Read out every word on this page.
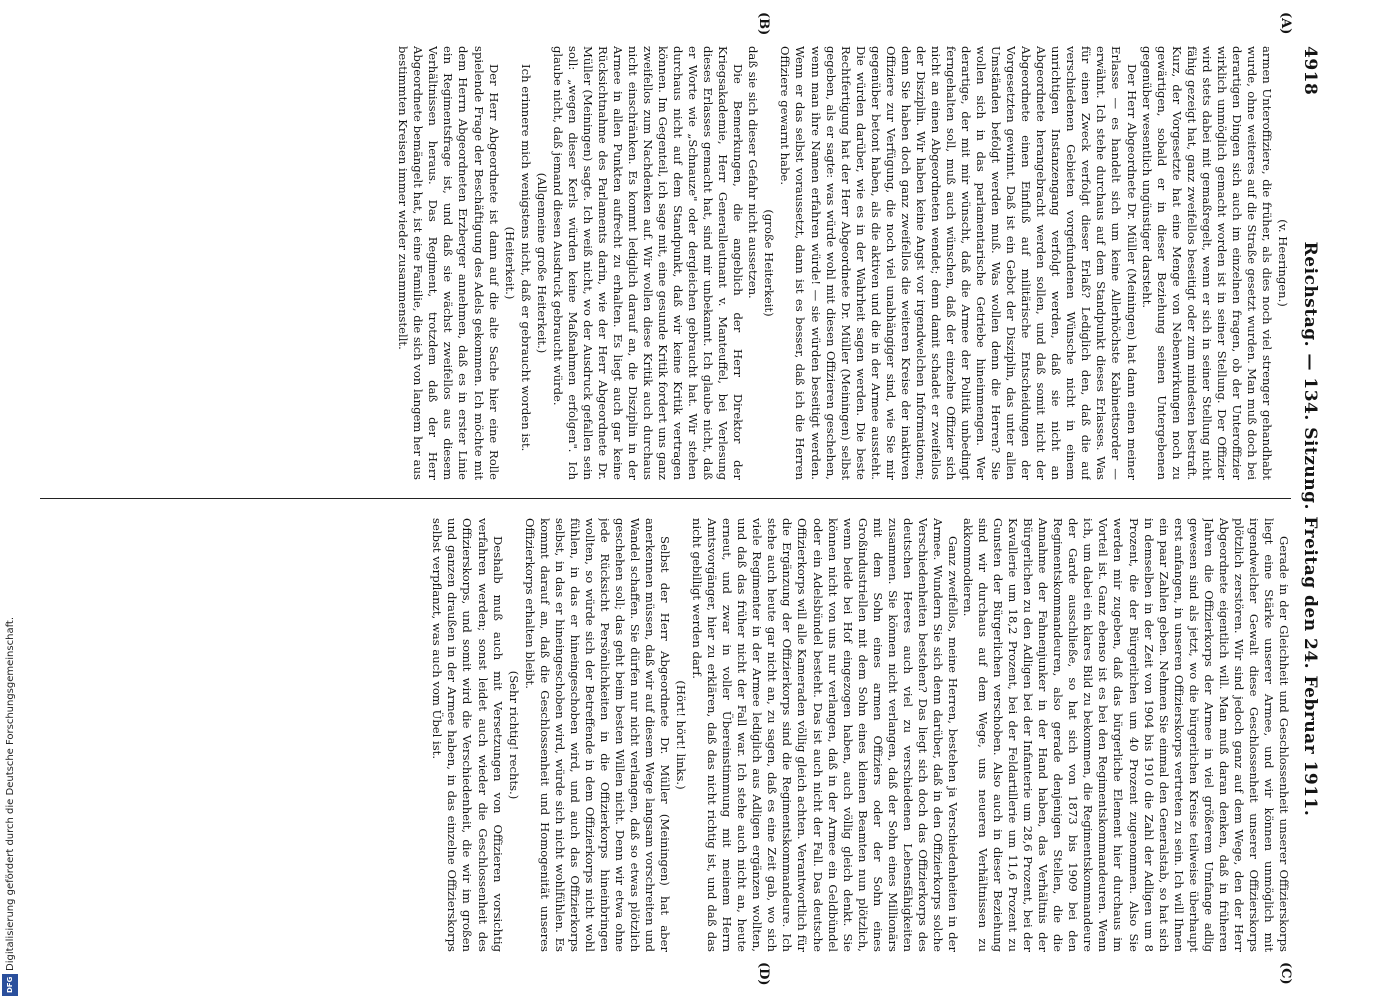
4918
Reichstag. — 134. Sitzung. Freitag den 24. Februar 1911.
(A)
(B)
(C)
(D)

(v. Heeringen.)

armen Unteroffiziere, die früher, als dies noch viel strenger gehandhabt wurde, ohne weiteres auf die Straße gesetzt wurden. Man muß doch bei derartigen Dingen sich auch im einzelnen fragen, ob der Unteroffizier wirklich unmöglich gemacht worden ist in seiner Stellung. Der Offizier wird stets dabei mit gemaßregelt, wenn er sich in seiner Stellung nicht fähig gezeigt hat, ganz zweifellos beseitigt oder zum mindesten bestraft. Kurz, der Vorgesetzte hat eine Menge von Nebenwirkungen noch zu gewärtigen, sobald er in dieser Beziehung seinen Untergebenen gegenüber wesentlich ungünstiger darsteht.

Der Herr Abgeordnete Dr. Müller (Meiningen) hat dann einen meiner Erlasse — es handelt sich um keine Allerhöchste Kabinettsorder — erwähnt. Ich stehe durchaus auf dem Standpunkt dieses Erlasses. Was für einen Zweck verfolgt dieser Erlaß? Lediglich den, daß die auf verschiedenen Gebieten vorgefundenen Wünsche nicht in einem unrichtigen Instanzengang verfolgt werden, daß sie nicht an Abgeordnete herangebracht werden sollen, und daß somit nicht der Abgeordnete einen Einfluß auf militärische Entscheidungen der Vorgesetzten gewinnt. Daß ist ein Gebot der Disziplin, das unter allen Umständen befolgt werden muß. Was wollen denn die Herren? Sie wollen sich in das parlamentarische Getriebe hineinmengen. Wer derartige, der mit mir wünscht, daß die Armee der Politik unbedingt ferngehalten soll, muß auch wünschen, daß der einzelne Offizier sich nicht an einen Abgeordneten wendet; denn damit schadet er zweifellos der Disziplin. Wir haben keine Angst vor irgendwelchen Informationen; denn Sie haben doch ganz zweifellos die weiteren Kreise der inaktiven Offiziere zur Verfügung, die noch viel unabhängiger sind, wie Sie mir gegenüber betont haben, als die aktiven und die in der Armee aussteht. Die würden darüber, wie es in der Wahrheit sagen werden. Die beste Rechtfertigung hat der Herr Abgeordnete Dr. Müller (Meiningen) selbst gegeben, als er sagte: was würde wohl mit diesen Offizieren geschehen, wenn man ihre Namen erfahren würde! — sie würden beseitigt werden. Wenn er das selbst voraussetzt, dann ist es besser, daß ich die Herren Offiziere gewarnt habe.

(große Heiterkeit)

daß sie sich dieser Gefahr nicht aussetzen.

Die Bemerkungen, die angeblich der Herr Direktor der Kriegsakademie, Herr Generalleutnant v. Manteuffel, bei Verlesung dieses Erlasses gemacht hat, sind mir unbekannt. Ich glaube nicht, daß er Worte wie „Schnauze" oder dergleichen gebraucht hat. Wir stehen durchaus nicht auf dem Standpunkt, daß wir keine Kritik vertragen können. Im Gegenteil, ich sage mit, eine gesunde Kritik fordert uns ganz zweifellos zum Nachdenken auf. Wir wollen diese Kritik auch durchaus nicht einschränken. Es kommt lediglich darauf an, die Disziplin in der Armee in allen Punkten aufrecht zu erhalten. Es liegt auch gar keine Rücksichtnahme des Parlaments darin, wie der Herr Abgeordnete Dr. Müller (Meiningen) sagte. Ich weiß nicht, wo der Ausdruck gefallen sein soll: „wegen dieser Kerls würden keine Maßnahmen erfolgen". Ich glaube nicht, daß jemand diesen Ausdruck gebraucht würde.

(Allgemeine große Heiterkeit.)

Ich erinnere mich wenigstens nicht, daß er gebraucht worden ist.

(Heiterkeit.)

Der Herr Abgeordnete ist dann auf die alte Sache hier eine Rolle spielende Frage der Beschäftigung des Adels gekommen. Ich möchte mit dem Herrn Abgeordneten Erzberger annehmen, daß es in erster Linie ein Regimentsfrage ist, und daß sie wächst zweifellos aus diesem Verhältnissen heraus. Das Regiment, trotzdem daß der Herr Abgeordnete bemängelt hat, ist eine Familie, die sich von langem her aus bestimmten Kreisen immer wieder zusammenstellt.

Gerade in der Gleichheit und Geschlossenheit unserer Offizierskorps liegt eine Stärke unserer Armee, und wir können unmöglich mit irgendwelcher Gewalt diese Geschlossenheit unserer Offizierskorps plötzlich zerstören. Wir sind jedoch ganz auf dem Wege, den der Herr Abgeordnete eigentlich will. Man muß daran denken, daß in früheren Jahren die Offizierkorps der Armee in viel größerem Umfange adlig gewesen sind als jetzt, wo die bürgerlichen Kreise teilweise überhaupt erst anfangen, in unseren Offizierskorps vertreten zu sein. Ich will Ihnen ein paar Zahlen geben. Nehmen Sie einmal den Generalstab, so hat sich in demselben in der Zeit von 1904 bis 1910 die Zahl der Adligen um 8 Prozent, die der Bürgerlichen um 40 Prozent zugenommen. Also Sie werden mir zugeben, daß das bürgerliche Element hier durchaus im Vorteil ist. Ganz ebenso ist es bei den Regimentskommandeuren. Wenn ich, um dabei ein klares Bild zu bekommen, die Regimentskommandeure der Garde ausschließe, so hat sich von 1873 bis 1909 bei den Regimentskommandeuren, also gerade denjenigen Stellen, die die Annahme der Fahnenjunker in der Hand haben, das Verhältnis der Bürgerlichen zu den Adligen bei der Infanterie um 28,6 Prozent, bei der Kavallerie um 18,2 Prozent, bei der Feldartillerie um 11,6 Prozent zu Gunsten der Bürgerlichen verschoben. Also auch in dieser Beziehung sind wir durchaus auf dem Wege, uns neueren Verhältnissen zu akkommodieren.

Ganz zweifellos, meine Herren, bestehen ja Verschiedenheiten in der Armee. Wundern Sie sich denn darüber, daß in den Offizierkorps solche Verschiedenheiten bestehen? Das liegt sich doch das Offizierkorps des deutschen Heeres auch viel zu verschiedenen Lebensfähigkeiten zusammen. Sie können nicht verlangen, daß der Sohn eines Millionärs mit dem Sohn eines armen Offiziers oder der Sohn eines Großindustriellen mit dem Sohn eines kleinen Beamten nun plötzlich, wenn beide bei Hof eingezogen haben, auch völlig gleich denkt. Sie können nicht von uns nur verlangen, daß in der Armee ein Geldbündel oder ein Adelsbündel besteht. Das ist auch nicht der Fall. Das deutsche Offizierkorps will alle Kameraden völlig gleich achten. Verantwortlich für die Ergänzung der Offizierkorps sind die Regimentskommandeure. Ich stehe auch heute gar nicht an, zu sagen, daß es eine Zeit gab, wo sich viele Regimenter in der Armee lediglich aus Adligen ergänzen wollten, und daß das früher nicht der Fall war. Ich stehe auch nicht an, heute erneut, und zwar in voller Übereinstimmung mit meinem Herrn Amtsvorgänger, hier zu erklären, daß das nicht richtig ist, und daß das nicht gebilligt werden darf.

(Hört! hört! links.)

Selbst der Herr Abgeordnete Dr. Müller (Meiningen) hat aber anerkennen müssen, daß wir auf diesem Wege langsam vorschreiten und Wandel schaffen. Sie dürfen nur nicht verlangen, daß so etwas plötzlich geschehen soll; das geht beim besten Willen nicht. Denn wir etwa ohne jede Rücksicht Persönlichkeiten in die Offizierkorps hineinbringen wollten, so würde sich der Betreffende in dem Offizierkorps nicht wohl fühlen, in das er hineingeschoben wird, und auch das Offizierkorps selbst, in das er hineingeschoben wird, würde sich nicht wohlfühlen. Es kommt darauf an, daß die Geschlossenheit und Homogenität unseres Offizierkorps erhalten bleibt.

(Sehr richtig! rechts.)

Deshalb muß auch mit Versetzungen von Offizieren vorsichtig verfahren werden; sonst leidet auch wieder die Geschlossenheit des Offizierskorps, und somit wird die Verschiedenheit, die wir im großen und ganzen draußen in der Armee haben, in das einzelne Offizierskorps selbst verpflanzt, was auch vom Übel ist.

Digitalisierung gefördert durch die Deutsche Forschungsgemeinschaft.
DFG
